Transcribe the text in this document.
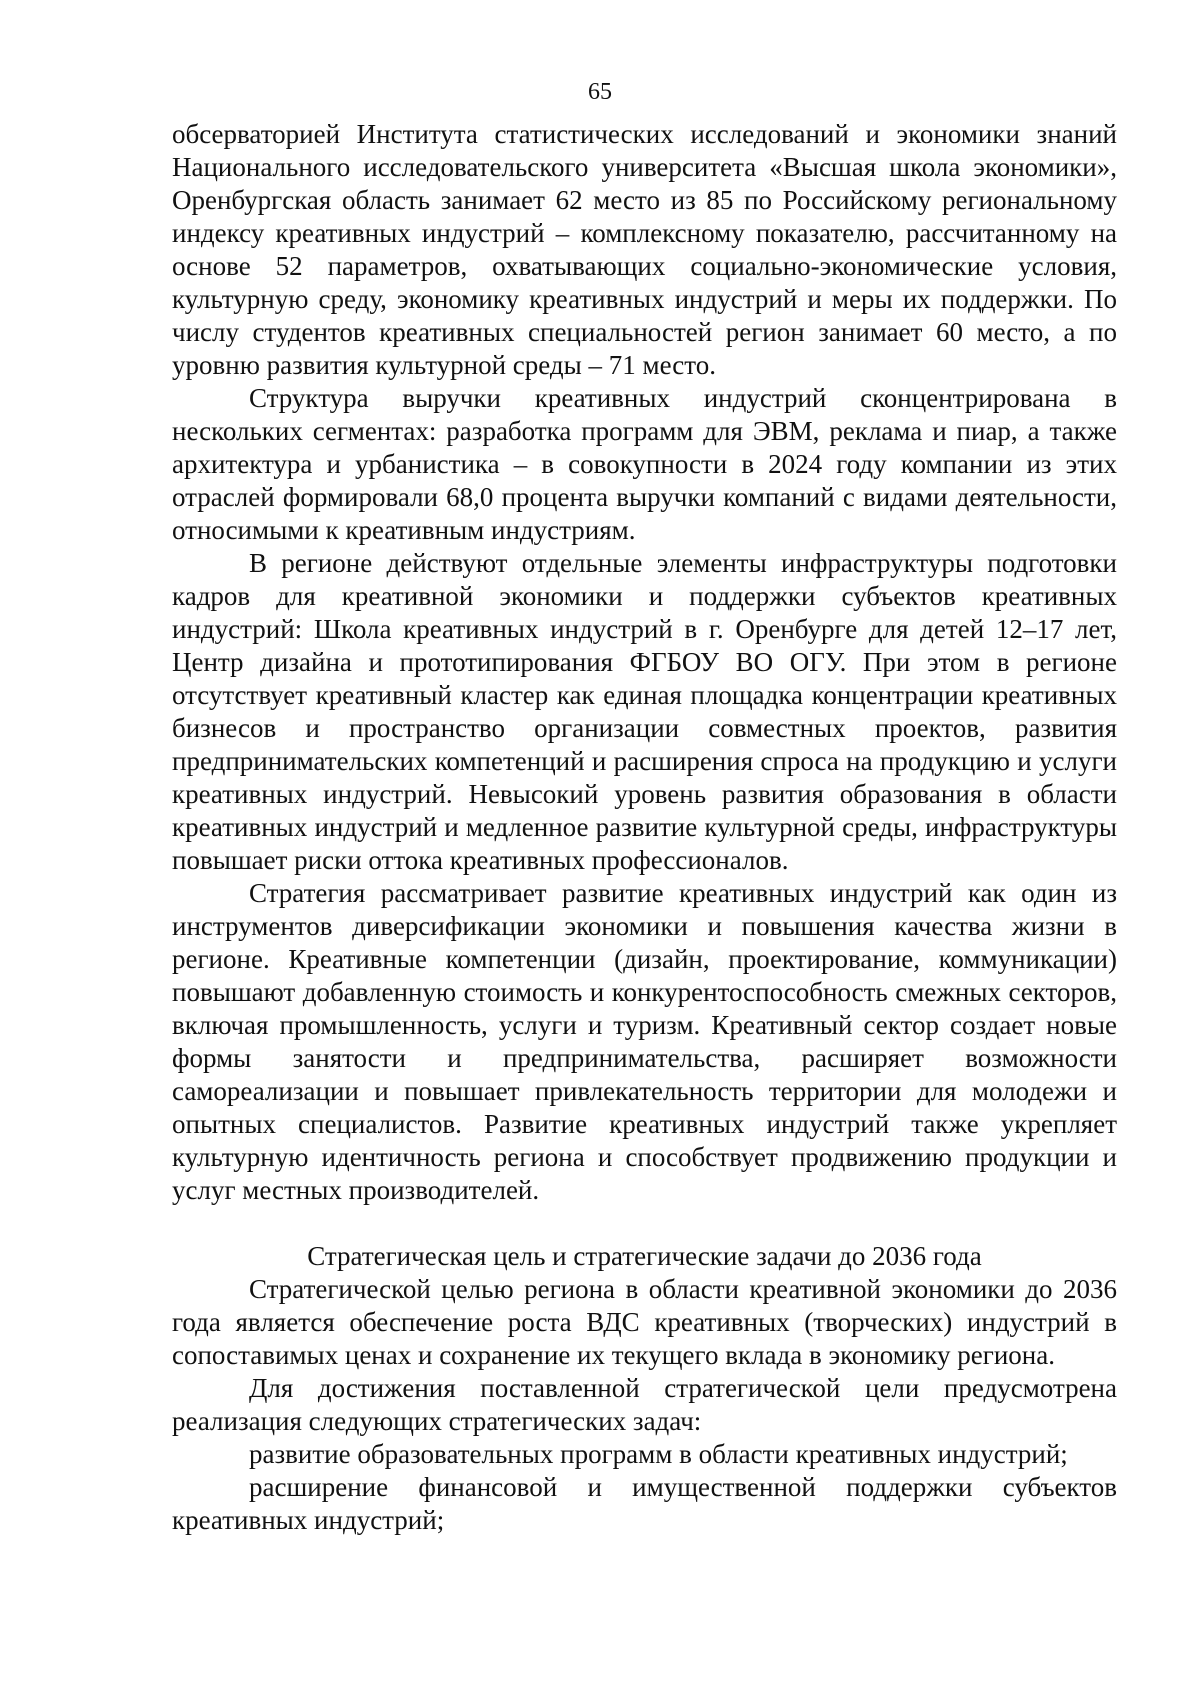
65

обсерваторией Института статистических исследований и экономики знаний Национального исследовательского университета «Высшая школа экономики», Оренбургская область занимает 62 место из 85 по Российскому региональному индексу креативных индустрий – комплексному показателю, рассчитанному на основе 52 параметров, охватывающих социально-экономические условия, культурную среду, экономику креативных индустрий и меры их поддержки. По числу студентов креативных специальностей регион занимает 60 место, а по уровню развития культурной среды – 71 место.

Структура выручки креативных индустрий сконцентрирована в нескольких сегментах: разработка программ для ЭВМ, реклама и пиар, а также архитектура и урбанистика – в совокупности в 2024 году компании из этих отраслей формировали 68,0 процента выручки компаний с видами деятельности, относимыми к креативным индустриям.

В регионе действуют отдельные элементы инфраструктуры подготовки кадров для креативной экономики и поддержки субъектов креативных индустрий: Школа креативных индустрий в г. Оренбурге для детей 12–17 лет, Центр дизайна и прототипирования ФГБОУ ВО ОГУ. При этом в регионе отсутствует креативный кластер как единая площадка концентрации креативных бизнесов и пространство организации совместных проектов, развития предпринимательских компетенций и расширения спроса на продукцию и услуги креативных индустрий. Невысокий уровень развития образования в области креативных индустрий и медленное развитие культурной среды, инфраструктуры повышает риски оттока креативных профессионалов.

Стратегия рассматривает развитие креативных индустрий как один из инструментов диверсификации экономики и повышения качества жизни в регионе. Креативные компетенции (дизайн, проектирование, коммуникации) повышают добавленную стоимость и конкурентоспособность смежных секторов, включая промышленность, услуги и туризм. Креативный сектор создает новые формы занятости и предпринимательства, расширяет возможности самореализации и повышает привлекательность территории для молодежи и опытных специалистов. Развитие креативных индустрий также укрепляет культурную идентичность региона и способствует продвижению продукции и услуг местных производителей.

Стратегическая цель и стратегические задачи до 2036 года

Стратегической целью региона в области креативной экономики до 2036 года является обеспечение роста ВДС креативных (творческих) индустрий в сопоставимых ценах и сохранение их текущего вклада в экономику региона.

Для достижения поставленной стратегической цели предусмотрена реализация следующих стратегических задач:

развитие образовательных программ в области креативных индустрий;

расширение финансовой и имущественной поддержки субъектов креативных индустрий;
